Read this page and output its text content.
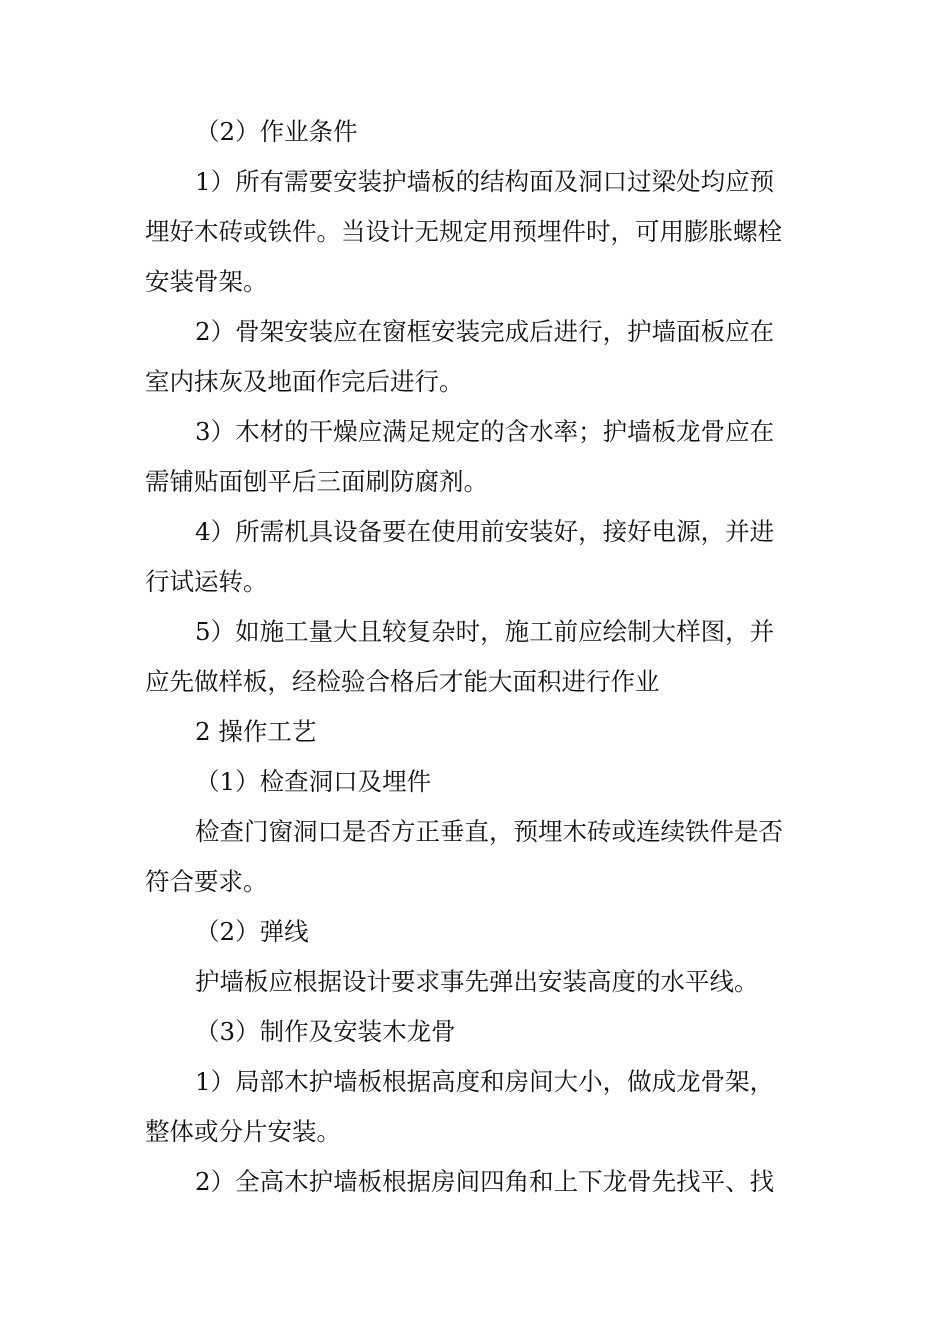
（2）作业条件
1）所有需要安装护墙板的结构面及洞口过梁处均应预
埋好木砖或铁件。当设计无规定用预埋件时，可用膨胀螺栓
安装骨架。
2）骨架安装应在窗框安装完成后进行，护墙面板应在
室内抹灰及地面作完后进行。
3）木材的干燥应满足规定的含水率；护墙板龙骨应在
需铺贴面刨平后三面刷防腐剂。
4）所需机具设备要在使用前安装好，接好电源，并进
行试运转。
5）如施工量大且较复杂时，施工前应绘制大样图，并
应先做样板，经检验合格后才能大面积进行作业
2 操作工艺
（1）检查洞口及埋件
检查门窗洞口是否方正垂直，预埋木砖或连续铁件是否
符合要求。
（2）弹线
护墙板应根据设计要求事先弹出安装高度的水平线。
（3）制作及安装木龙骨
1）局部木护墙板根据高度和房间大小，做成龙骨架，
整体或分片安装。
2）全高木护墙板根据房间四角和上下龙骨先找平、找
